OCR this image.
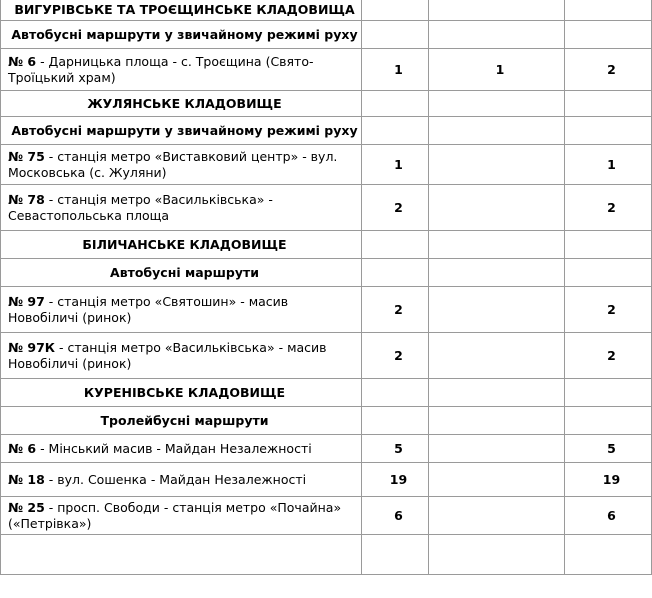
ВИГУРІВСЬКЕ ТА ТРОЄЩИНСЬКЕ КЛАДОВИЩА			
Автобусні маршрути у звичайному режимі руху			
№ 6 - Дарницька площа - с. Троєщина (Свято-Троїцький храм)	1	1	2
ЖУЛЯНСЬКЕ КЛАДОВИЩЕ			
Автобусні маршрути у звичайному режимі руху			
№ 75 - станція метро «Виставковий центр» - вул. Московська (с. Жуляни)	1		1
№ 78 - станція метро «Васильківська» - Севастопольська площа	2		2
БІЛИЧАНСЬКЕ КЛАДОВИЩЕ			
Автобусні маршрути			
№ 97 - станція метро «Святошин» - масив Новобіличі (ринок)	2		2
№ 97К - станція метро «Васильківська» - масив Новобіличі (ринок)	2		2
КУРЕНІВСЬКЕ КЛАДОВИЩЕ			
Тролейбусні маршрути			
№ 6 - Мінський масив - Майдан Незалежності	5		5
№ 18 - вул. Сошенка - Майдан Незалежності	19		19
№ 25 - просп. Свободи - станція метро «Почайна» («Петрівка»)	6		6
